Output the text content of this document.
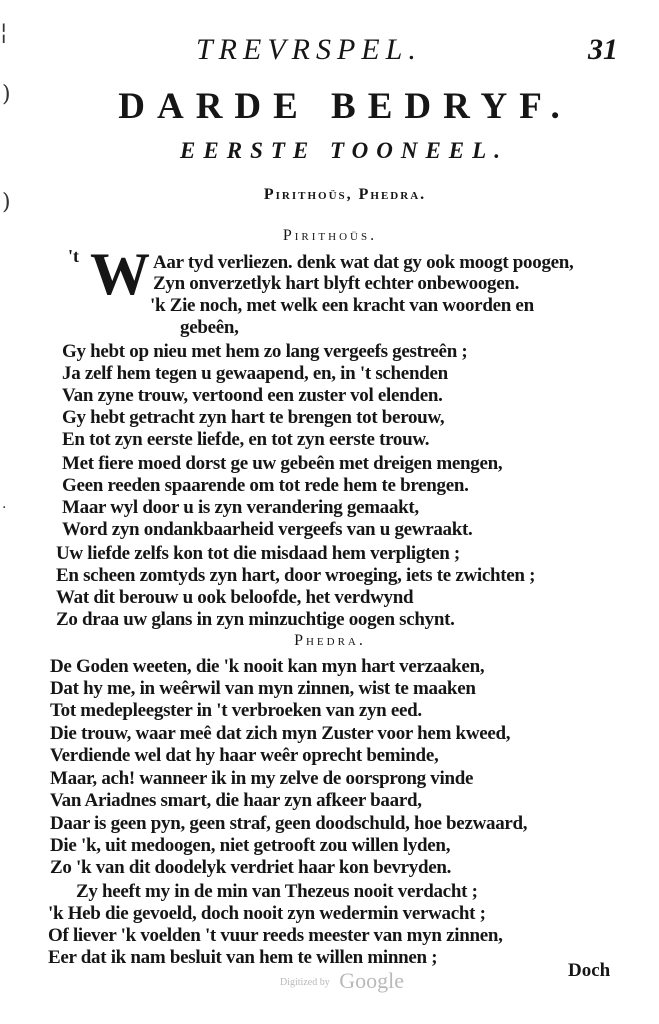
¦
)
)
·
TREVRSPEL.	31
DARDE BEDRYF.
EERSTE TOONEEL.
Pirithoüs, Phedra.
Pirithoüs.
't W Aar tyd verliezen. denk wat dat gy ook moogt poogen,
Zyn onverzetlyk hart blyft echter onbewoogen.
'k Zie noch, met welk een kracht van woorden en
gebeên,
Gy hebt op nieu met hem zo lang vergeefs gestreên ;
Ja zelf hem tegen u gewaapend, en, in 't schenden
Van zyne trouw, vertoond een zuster vol elenden.
Gy hebt getracht zyn hart te brengen tot berouw,
En tot zyn eerste liefde, en tot zyn eerste trouw.
Met fiere moed dorst ge uw gebeên met dreigen mengen,
Geen reeden spaarende om tot rede hem te brengen.
Maar wyl door u is zyn verandering gemaakt,
Word zyn ondankbaarheid vergeefs van u gewraakt.
Uw liefde zelfs kon tot die misdaad hem verpligten ;
En scheen zomtyds zyn hart, door wroeging, iets te zwichten ;
Wat dit berouw u ook beloofde, het verdwynd
Zo draa uw glans in zyn minzuchtige oogen schynt.
Phedra.
De Goden weeten, die 'k nooit kan myn hart verzaaken,
Dat hy me, in weêrwil van myn zinnen, wist te maaken
Tot medepleegster in 't verbroeken van zyn eed.
Die trouw, waar meê dat zich myn Zuster voor hem kweed,
Verdiende wel dat hy haar weêr oprecht beminde,
Maar, ach! wanneer ik in my zelve de oorsprong vinde
Van Ariadnes smart, die haar zyn afkeer baard,
Daar is geen pyn, geen straf, geen doodschuld, hoe bezwaard,
Die 'k, uit medoogen, niet getrooft zou willen lyden,
Zo 'k van dit doodelyk verdriet haar kon bevryden.
Zy heeft my in de min van Thezeus nooit verdacht ;
'k Heb die gevoeld, doch nooit zyn wedermin verwacht ;
Of liever 'k voelden 't vuur reeds meester van myn zinnen,
Eer dat ik nam besluit van hem te willen minnen ;
Doch
Digitized by Google
